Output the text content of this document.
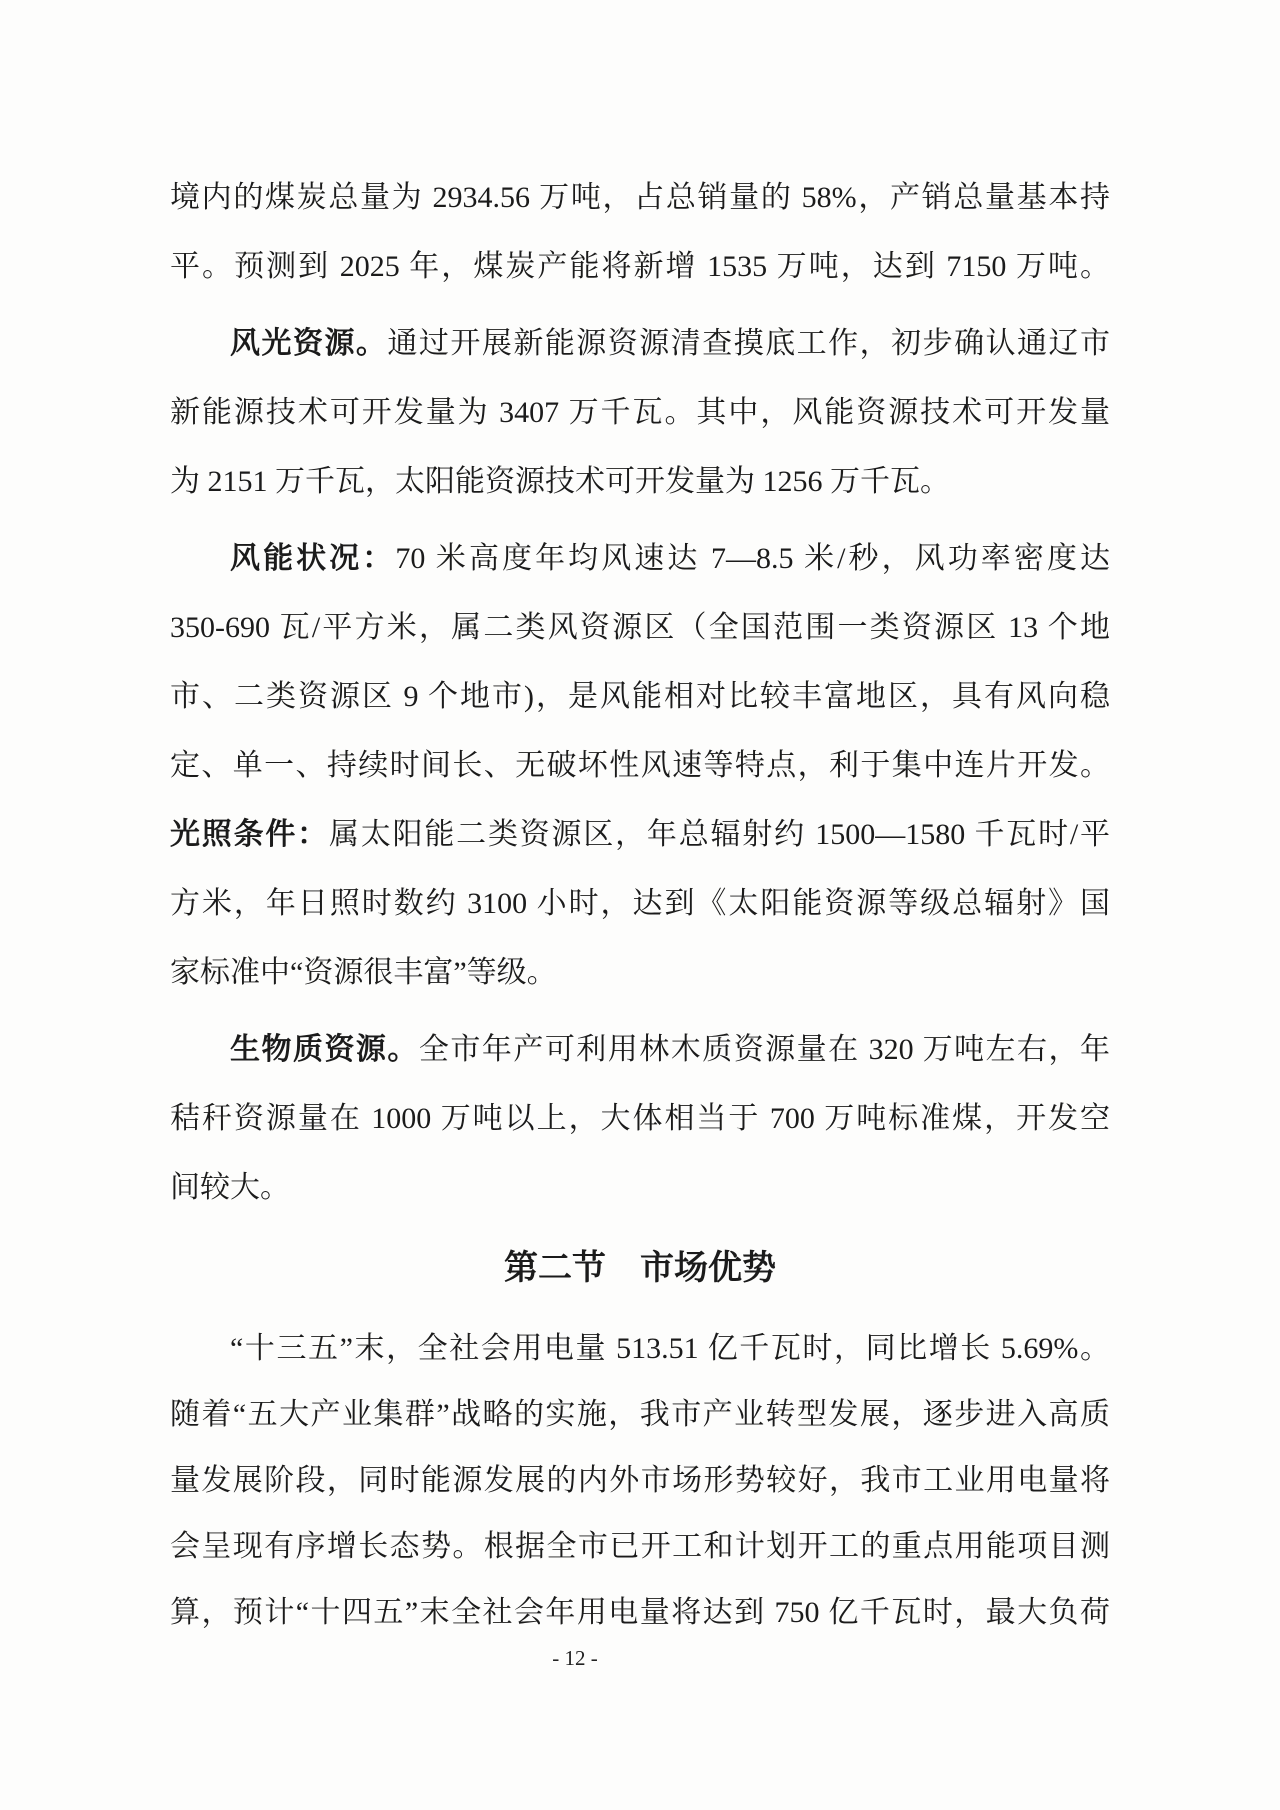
境内的煤炭总量为 2934.56 万吨，占总销量的 58%，产销总量基本持
平。预测到 2025 年，煤炭产能将新增 1535 万吨，达到 7150 万吨。
风光资源。通过开展新能源资源清查摸底工作，初步确认通辽市
新能源技术可开发量为 3407 万千瓦。其中，风能资源技术可开发量
为 2151 万千瓦，太阳能资源技术可开发量为 1256 万千瓦。
风能状况：70 米高度年均风速达 7—8.5 米/秒，风功率密度达
350-690 瓦/平方米，属二类风资源区（全国范围一类资源区 13 个地
市、二类资源区 9 个地市)，是风能相对比较丰富地区，具有风向稳
定、单一、持续时间长、无破坏性风速等特点，利于集中连片开发。
光照条件：属太阳能二类资源区，年总辐射约 1500—1580 千瓦时/平
方米，年日照时数约 3100 小时，达到《太阳能资源等级总辐射》国
家标准中“资源很丰富”等级。
生物质资源。全市年产可利用林木质资源量在 320 万吨左右，年
秸秆资源量在 1000 万吨以上，大体相当于 700 万吨标准煤，开发空
间较大。
第二节　市场优势
“十三五”末，全社会用电量 513.51 亿千瓦时，同比增长 5.69%。
随着“五大产业集群”战略的实施，我市产业转型发展，逐步进入高质
量发展阶段，同时能源发展的内外市场形势较好，我市工业用电量将
会呈现有序增长态势。根据全市已开工和计划开工的重点用能项目测
算，预计“十四五”末全社会年用电量将达到 750 亿千瓦时，最大负荷
- 12 -
